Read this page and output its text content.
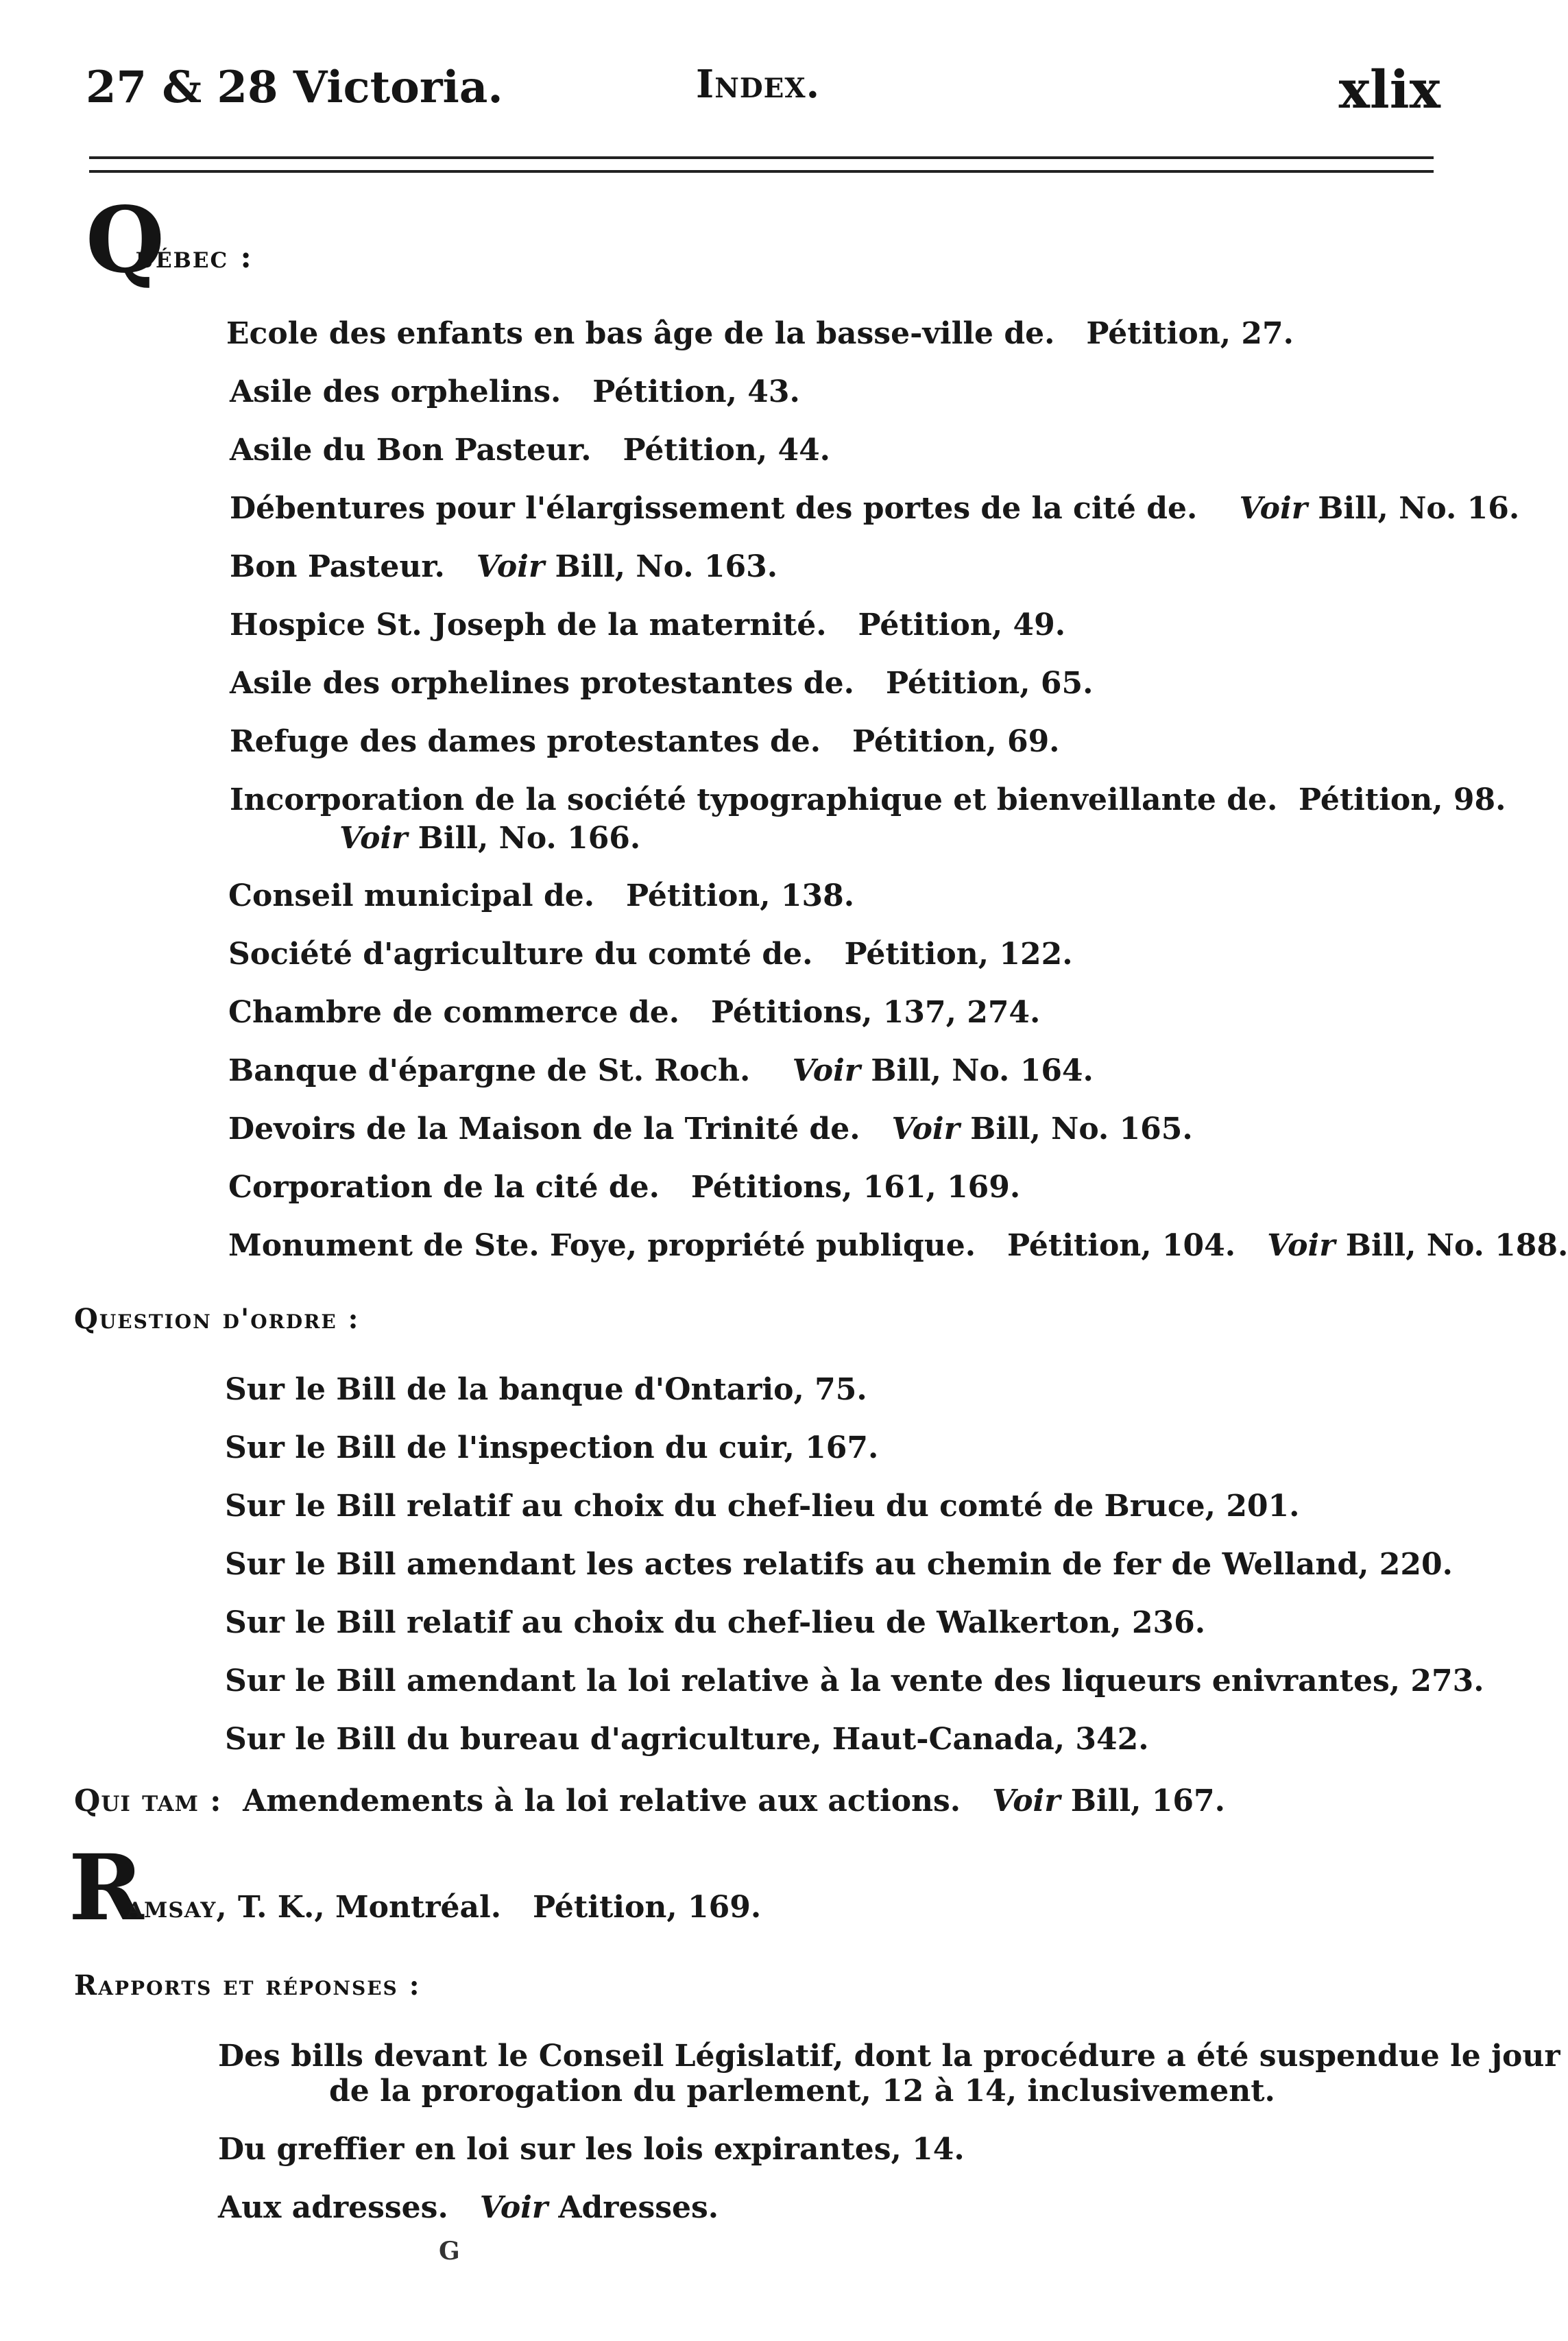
27 & 28 Victoria.	Index.	xlix
Q
uébec :
Ecole des enfants en bas âge de la basse-ville de. Pétition, 27.
Asile des orphelins. Pétition, 43.
Asile du Bon Pasteur. Pétition, 44.
Débentures pour l'élargissement des portes de la cité de. Voir Bill, No. 16.
Bon Pasteur. Voir Bill, No. 163.
Hospice St. Joseph de la maternité. Pétition, 49.
Asile des orphelines protestantes de. Pétition, 65.
Refuge des dames protestantes de. Pétition, 69.
Incorporation de la société typographique et bienveillante de. Pétition, 98.
Voir Bill, No. 166.
Conseil municipal de. Pétition, 138.
Société d'agriculture du comté de. Pétition, 122.
Chambre de commerce de. Pétitions, 137, 274.
Banque d'épargne de St. Roch. Voir Bill, No. 164.
Devoirs de la Maison de la Trinité de. Voir Bill, No. 165.
Corporation de la cité de. Pétitions, 161, 169.
Monument de Ste. Foye, propriété publique. Pétition, 104. Voir Bill, No. 188.
Question d'ordre :
Sur le Bill de la banque d'Ontario, 75.
Sur le Bill de l'inspection du cuir, 167.
Sur le Bill relatif au choix du chef-lieu du comté de Bruce, 201.
Sur le Bill amendant les actes relatifs au chemin de fer de Welland, 220.
Sur le Bill relatif au choix du chef-lieu de Walkerton, 236.
Sur le Bill amendant la loi relative à la vente des liqueurs enivrantes, 273.
Sur le Bill du bureau d'agriculture, Haut-Canada, 342.
Qui tam : Amendements à la loi relative aux actions. Voir Bill, 167.
R
amsay, T. K., Montréal. Pétition, 169.
Rapports et réponses :
Des bills devant le Conseil Législatif, dont la procédure a été suspendue le jour
de la prorogation du parlement, 12 à 14, inclusivement.
Du greffier en loi sur les lois expirantes, 14.
Aux adresses. Voir Adresses.
G
